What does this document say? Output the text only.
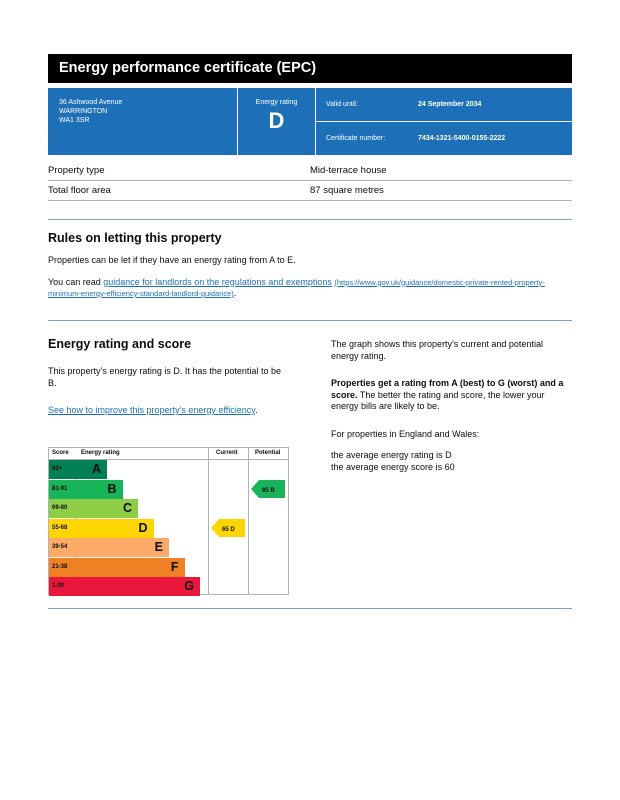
Energy performance certificate (EPC)
36 Ashwood Avenue
WARRINGTON
WA1 3SR
Energy rating
D
Valid until:	24 September 2034
Certificate number:	7434-1321-5400-0155-2222
Property type	Mid-terrace house
Total floor area	87 square metres
Rules on letting this property

Properties can be let if they have an energy rating from A to E.

You can read guidance for landlords on the regulations and exemptions (https://www.gov.uk/guidance/domestic-private-rented-property-minimum-energy-efficiency-standard-landlord-guidance).

Energy rating and score

This property’s energy rating is D. It has the potential to be B.

See how to improve this property’s energy efficiency.

The graph shows this property’s current and potential energy rating.

Properties get a rating from A (best) to G (worst) and a score. The better the rating and score, the lower your energy bills are likely to be.

For properties in England and Wales:

the average energy rating is D

the average energy score is 60

Score Energy rating	Current	Potential
92+	A
81-91	B
69-80	C
55-68	D
39-54	E
21-38	F
1-20	G
65 D
85 B
